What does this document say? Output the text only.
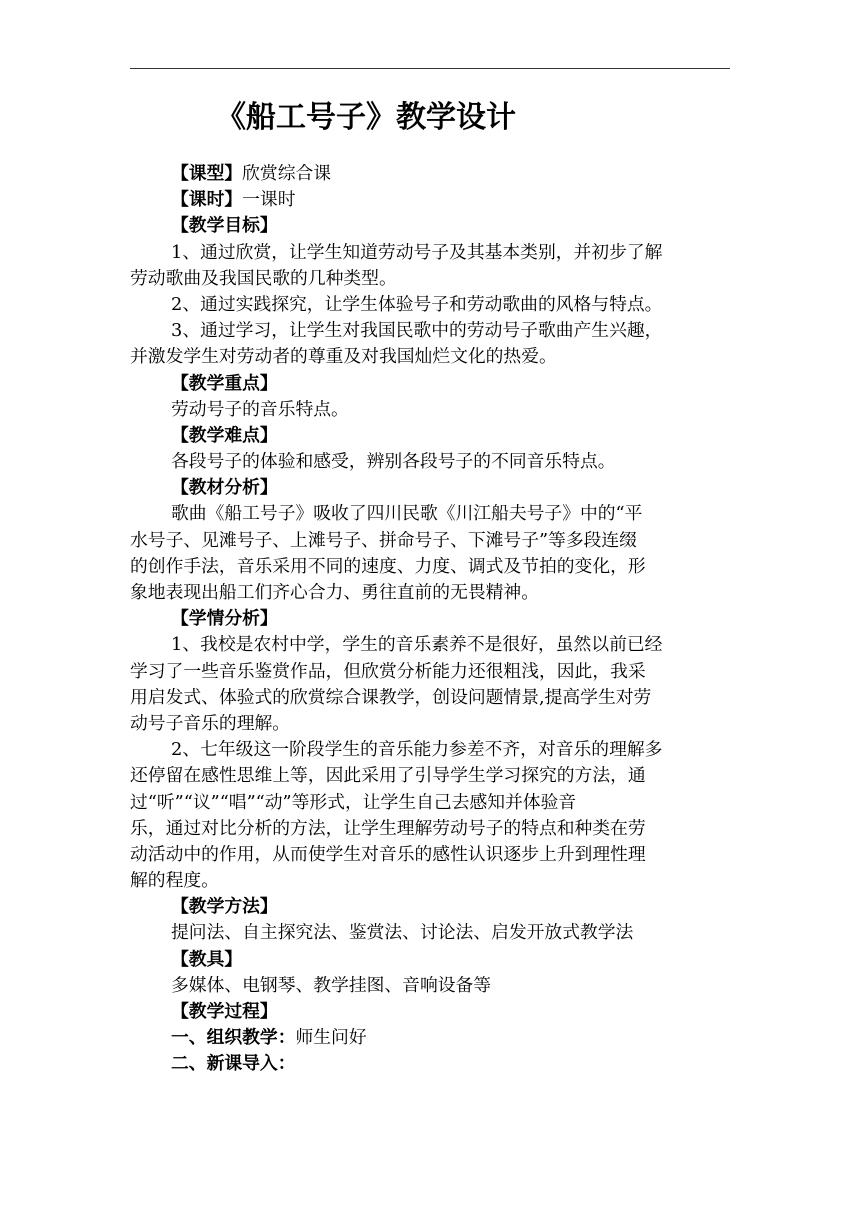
《船工号子》教学设计
【课型】欣赏综合课
【课时】一课时
【教学目标】
1、通过欣赏，让学生知道劳动号子及其基本类别，并初步了解
劳动歌曲及我国民歌的几种类型。
2、通过实践探究，让学生体验号子和劳动歌曲的风格与特点。
3、通过学习，让学生对我国民歌中的劳动号子歌曲产生兴趣，
并激发学生对劳动者的尊重及对我国灿烂文化的热爱。
【教学重点】
劳动号子的音乐特点。
【教学难点】
各段号子的体验和感受，辨别各段号子的不同音乐特点。
【教材分析】
歌曲《船工号子》吸收了四川民歌《川江船夫号子》中的“平
水号子、见滩号子、上滩号子、拼命号子、下滩号子”等多段连缀
的创作手法，音乐采用不同的速度、力度、调式及节拍的变化，形
象地表现出船工们齐心合力、勇往直前的无畏精神。
【学情分析】
1、我校是农村中学，学生的音乐素养不是很好，虽然以前已经
学习了一些音乐鉴赏作品，但欣赏分析能力还很粗浅，因此，我采
用启发式、体验式的欣赏综合课教学，创设问题情景,提高学生对劳
动号子音乐的理解。
2、七年级这一阶段学生的音乐能力参差不齐，对音乐的理解多
还停留在感性思维上等，因此采用了引导学生学习探究的方法，通
过“听”“议”“唱”“动”等形式，让学生自己去感知并体验音
乐，通过对比分析的方法，让学生理解劳动号子的特点和种类在劳
动活动中的作用，从而使学生对音乐的感性认识逐步上升到理性理
解的程度。
【教学方法】
提问法、自主探究法、鉴赏法、讨论法、启发开放式教学法
【教具】
多媒体、电钢琴、教学挂图、音响设备等
【教学过程】
一、组织教学：师生问好
二、新课导入：
